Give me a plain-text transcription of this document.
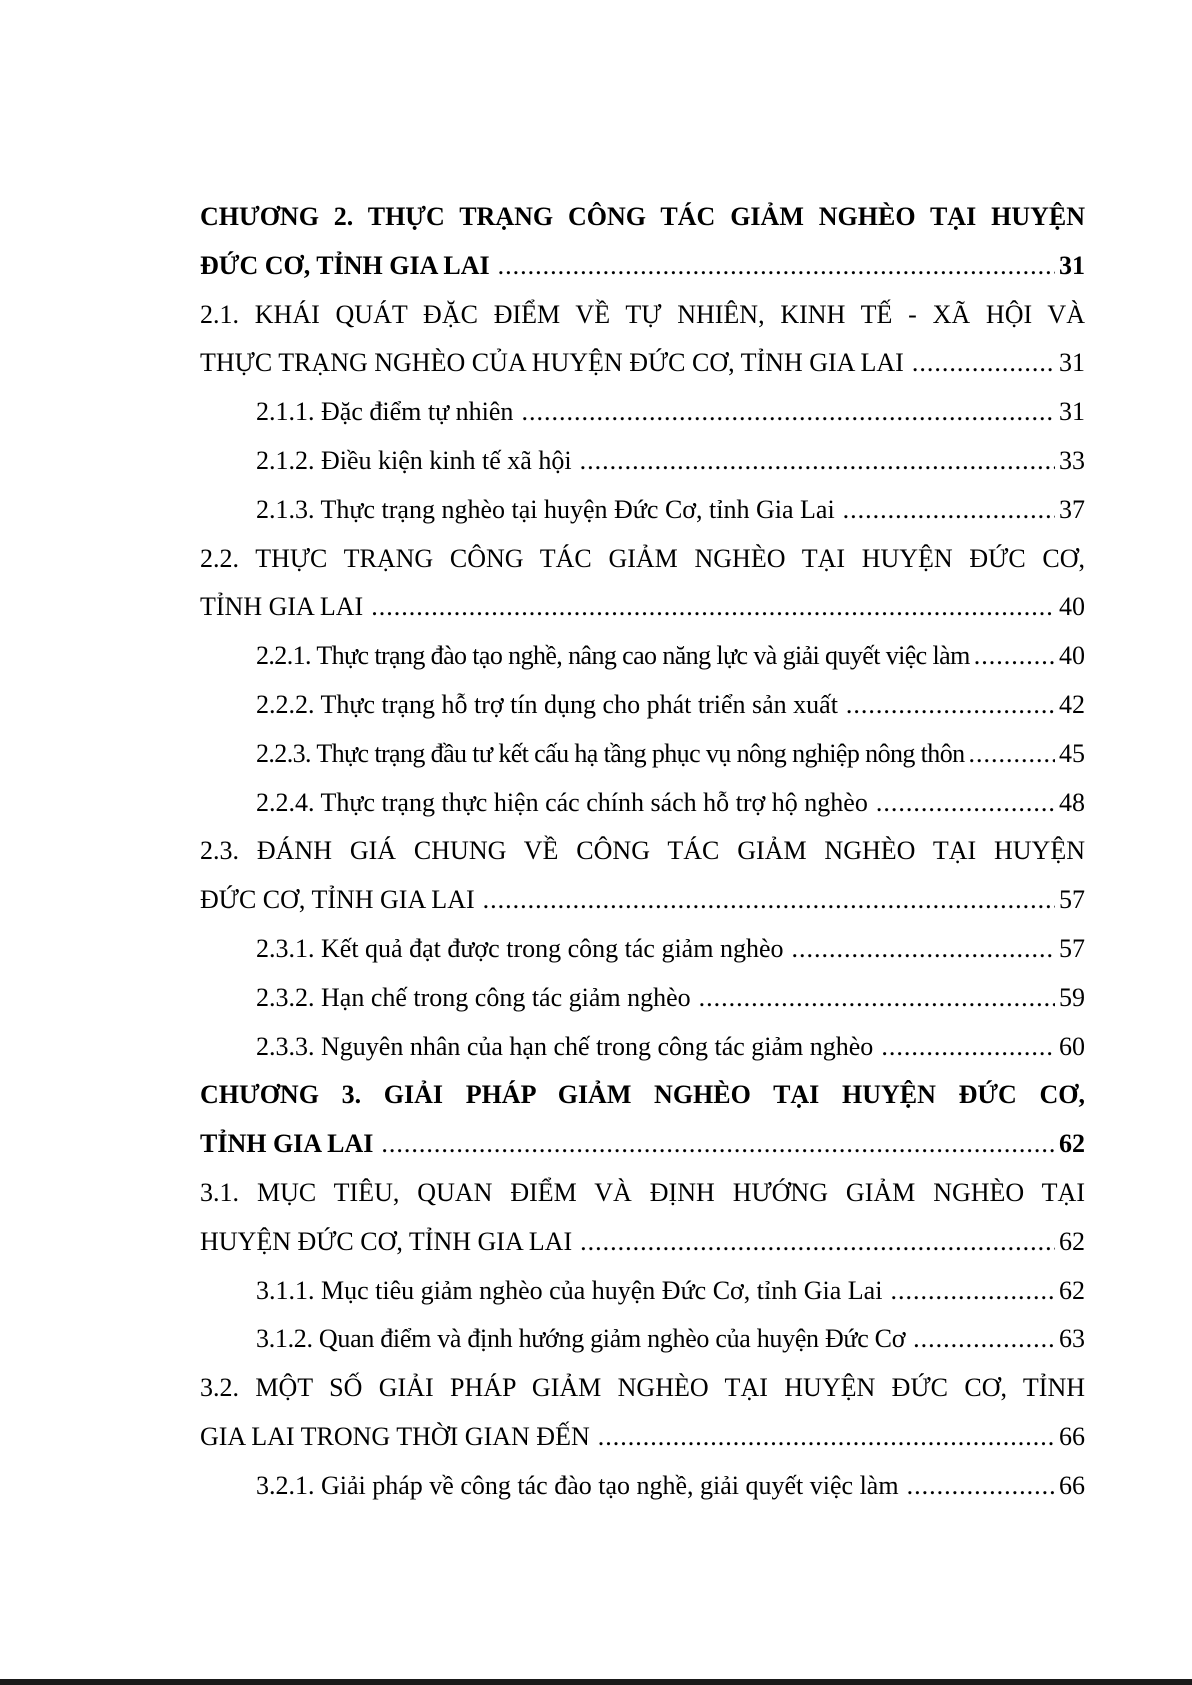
CHƯƠNG 2. THỰC TRẠNG CÔNG TÁC GIẢM NGHÈO TẠI HUYỆN
ĐỨC CƠ, TỈNH GIA LAI .....	31
2.1. KHÁI QUÁT ĐẶC ĐIỂM VỀ TỰ NHIÊN, KINH TẾ - XÃ HỘI VÀ
THỰC TRẠNG NGHÈO CỦA HUYỆN ĐỨC CƠ, TỈNH GIA LAI .....	31
2.1.1. Đặc điểm tự nhiên .....	31
2.1.2. Điều kiện kinh tế xã hội .....	33
2.1.3. Thực trạng nghèo tại huyện Đức Cơ, tỉnh Gia Lai .....	37
2.2. THỰC TRẠNG CÔNG TÁC GIẢM NGHÈO TẠI HUYỆN ĐỨC CƠ,
TỈNH GIA LAI .....	40
2.2.1. Thực trạng đào tạo nghề, nâng cao năng lực và giải quyết việc làm .....	40
2.2.2. Thực trạng hỗ trợ tín dụng cho phát triển sản xuất .....	42
2.2.3. Thực trạng đầu tư kết cấu hạ tầng phục vụ nông nghiệp nông thôn .....	45
2.2.4. Thực trạng thực hiện các chính sách hỗ trợ hộ nghèo .....	48
2.3. ĐÁNH GIÁ CHUNG VỀ CÔNG TÁC GIẢM NGHÈO TẠI HUYỆN
ĐỨC CƠ, TỈNH GIA LAI .....	57
2.3.1. Kết quả đạt được trong công tác giảm nghèo .....	57
2.3.2. Hạn chế trong công tác giảm nghèo .....	59
2.3.3. Nguyên nhân của hạn chế trong công tác giảm nghèo .....	60
CHƯƠNG 3. GIẢI PHÁP GIẢM NGHÈO TẠI HUYỆN ĐỨC CƠ,
TỈNH GIA LAI .....	62
3.1. MỤC TIÊU, QUAN ĐIỂM VÀ ĐỊNH HƯỚNG GIẢM NGHÈO TẠI
HUYỆN ĐỨC CƠ, TỈNH GIA LAI .....	62
3.1.1. Mục tiêu giảm nghèo của huyện Đức Cơ, tỉnh Gia Lai .....	62
3.1.2. Quan điểm và định hướng giảm nghèo của huyện Đức Cơ .....	63
3.2. MỘT SỐ GIẢI PHÁP GIẢM NGHÈO TẠI HUYỆN ĐỨC CƠ, TỈNH
GIA LAI TRONG THỜI GIAN ĐẾN .....	66
3.2.1. Giải pháp về công tác đào tạo nghề, giải quyết việc làm .....	66
